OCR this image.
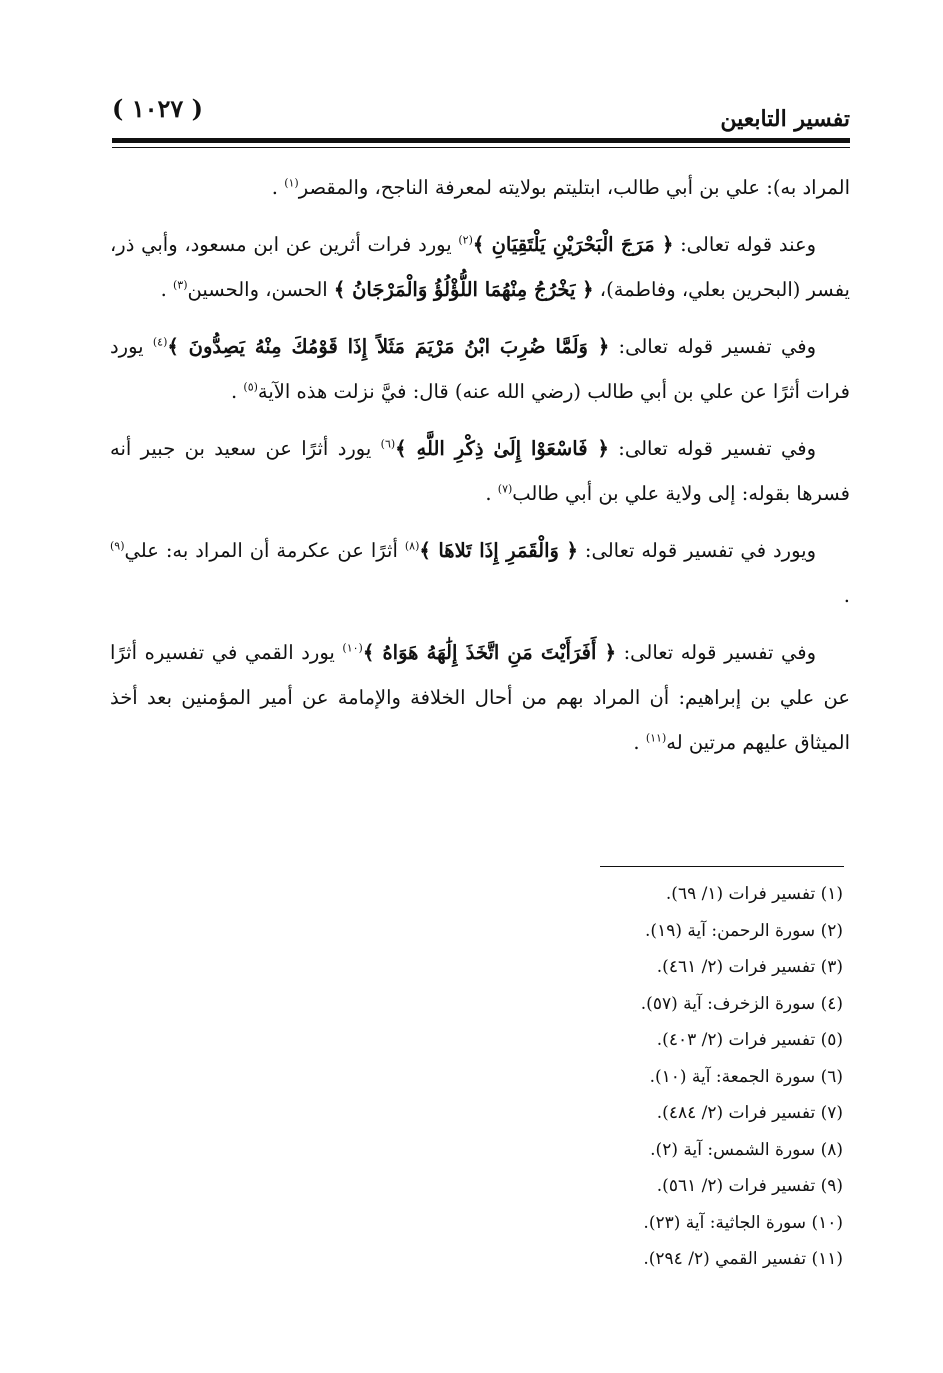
تفسير التابعين
( ١٠٢٧ )

المراد به): علي بن أبي طالب، ابتليتم بولايته لمعرفة الناجح، والمقصر$^{(١)}$ .

وعند قوله تعالى: ﴿ مَرَجَ الْبَحْرَيْنِ يَلْتَقِيَانِ ﴾$^{(٢)}$ يورد فرات أثرين عن ابن مسعود، وأبي ذر، يفسر (البحرين بعلي، وفاطمة)، ﴿ يَخْرُجُ مِنْهُمَا اللُّؤْلُؤُ وَالْمَرْجَانُ ﴾ الحسن، والحسين$^{(٣)}$ .

وفي تفسير قوله تعالى: ﴿ وَلَمَّا ضُرِبَ ابْنُ مَرْيَمَ مَثَلاً إِذَا قَوْمُكَ مِنْهُ يَصِدُّونَ ﴾$^{(٤)}$ يورد فرات أثرًا عن علي بن أبي طالب (رضي الله عنه) قال: فيَّ نزلت هذه الآية$^{(٥)}$ .

وفي تفسير قوله تعالى: ﴿ فَاسْعَوْا إِلَىٰ ذِكْرِ اللَّهِ ﴾$^{(٦)}$ يورد أثرًا عن سعيد بن جبير أنه فسرها بقوله: إلى ولاية علي بن أبي طالب$^{(٧)}$ .

ويورد في تفسير قوله تعالى: ﴿ وَالْقَمَرِ إِذَا تَلاهَا ﴾$^{(٨)}$ أثرًا عن عكرمة أن المراد به: علي$^{(٩)}$ .

وفي تفسير قوله تعالى: ﴿ أَفَرَأَيْتَ مَنِ اتَّخَذَ إِلَٰهَهُ هَوَاهُ ﴾$^{(١٠)}$ يورد القمي في تفسيره أثرًا عن علي بن إبراهيم: أن المراد بهم من أحال الخلافة والإمامة عن أمير المؤمنين بعد أخذ الميثاق عليهم مرتين له$^{(١١)}$ .

(١) تفسير فرات (١/ ٦٩).
(٢) سورة الرحمن: آية (١٩).
(٣) تفسير فرات (٢/ ٤٦١).
(٤) سورة الزخرف: آية (٥٧).
(٥) تفسير فرات (٢/ ٤٠٣).
(٦) سورة الجمعة: آية (١٠).
(٧) تفسير فرات (٢/ ٤٨٤).
(٨) سورة الشمس: آية (٢).
(٩) تفسير فرات (٢/ ٥٦١).
(١٠) سورة الجاثية: آية (٢٣).
(١١) تفسير القمي (٢/ ٢٩٤).
